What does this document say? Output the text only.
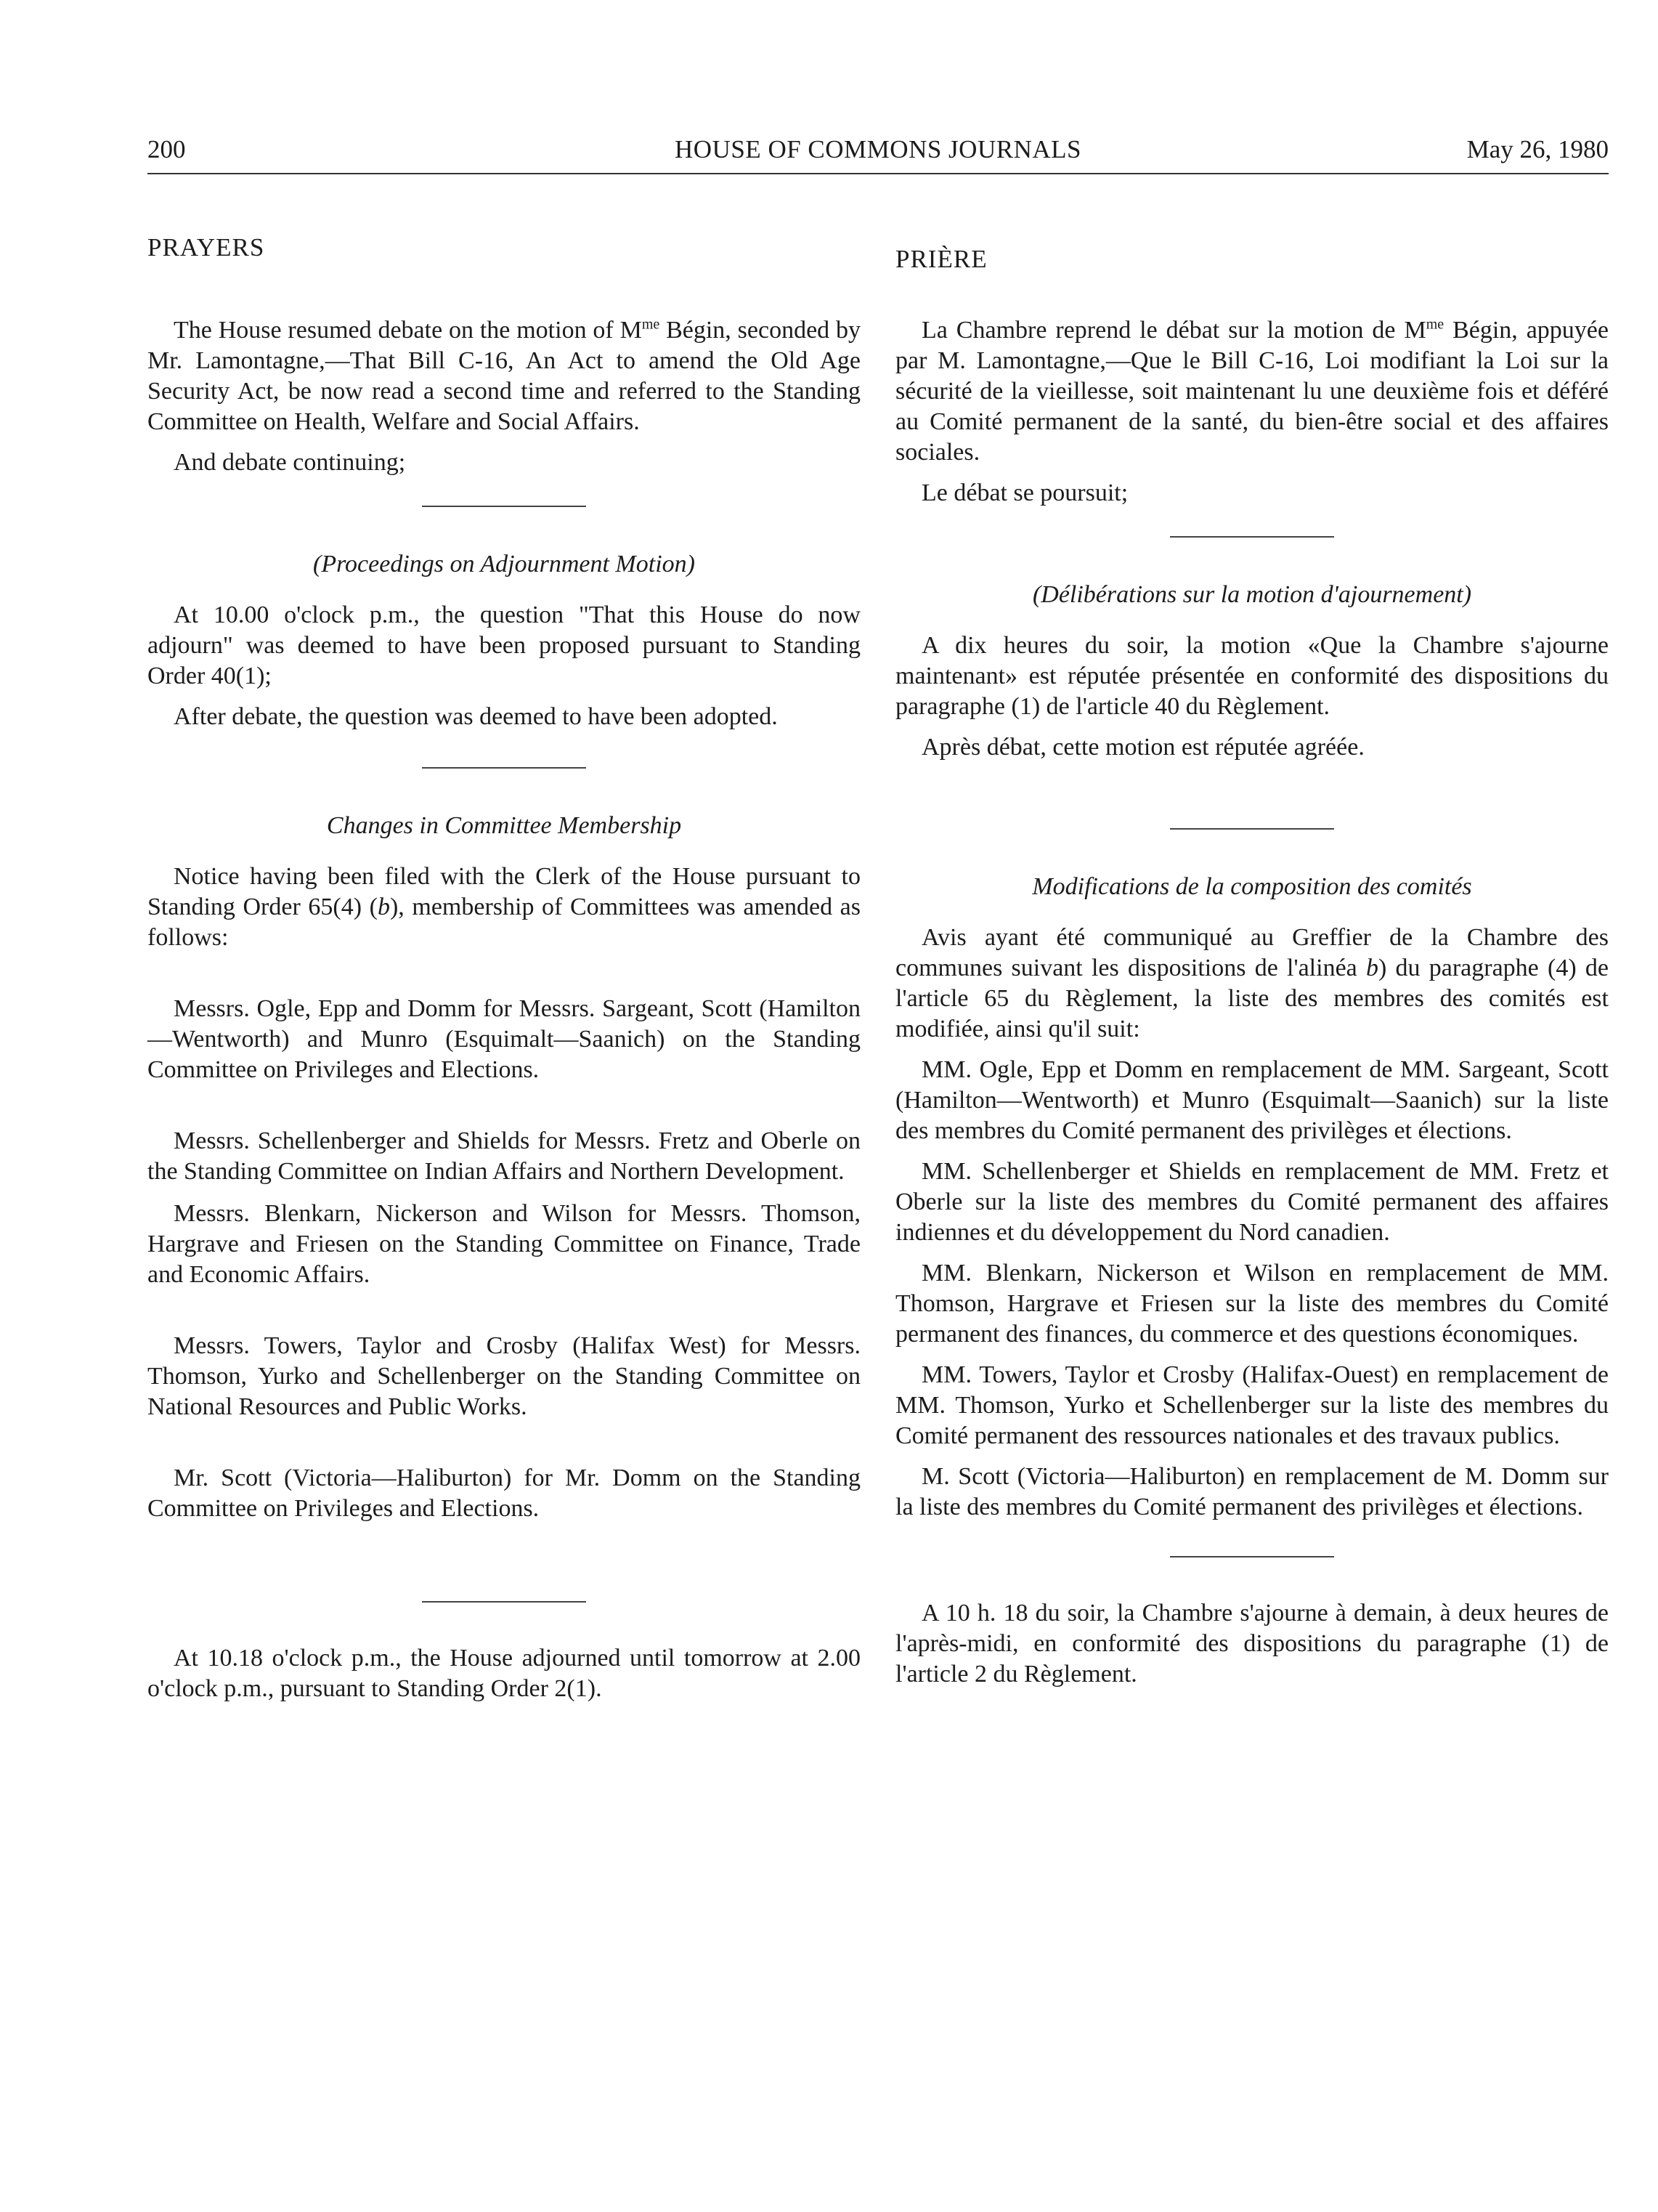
200	HOUSE OF COMMONS JOURNALS	May 26, 1980
PRAYERS

The House resumed debate on the motion of $M^{me}$ Bégin, seconded by Mr. Lamontagne,—That Bill C-16, An Act to amend the Old Age Security Act, be now read a second time and referred to the Standing Committee on Health, Welfare and Social Affairs.

And debate continuing;

(Proceedings on Adjournment Motion)

At 10.00 o'clock p.m., the question "That this House do now adjourn" was deemed to have been proposed pursuant to Standing Order 40(1);

After debate, the question was deemed to have been adopted.

Changes in Committee Membership

Notice having been filed with the Clerk of the House pursuant to Standing Order 65(4) (b), membership of Committees was amended as follows:

Messrs. Ogle, Epp and Domm for Messrs. Sargeant, Scott (Hamilton—Wentworth) and Munro (Esquimalt—Saanich) on the Standing Committee on Privileges and Elections.

Messrs. Schellenberger and Shields for Messrs. Fretz and Oberle on the Standing Committee on Indian Affairs and Northern Development.

Messrs. Blenkarn, Nickerson and Wilson for Messrs. Thomson, Hargrave and Friesen on the Standing Committee on Finance, Trade and Economic Affairs.

Messrs. Towers, Taylor and Crosby (Halifax West) for Messrs. Thomson, Yurko and Schellenberger on the Standing Committee on National Resources and Public Works.

Mr. Scott (Victoria—Haliburton) for Mr. Domm on the Standing Committee on Privileges and Elections.

At 10.18 o'clock p.m., the House adjourned until tomorrow at 2.00 o'clock p.m., pursuant to Standing Order 2(1).

PRIÈRE

La Chambre reprend le débat sur la motion de $M^{me}$ Bégin, appuyée par M. Lamontagne,—Que le Bill C-16, Loi modifiant la Loi sur la sécurité de la vieillesse, soit maintenant lu une deuxième fois et déféré au Comité permanent de la santé, du bien-être social et des affaires sociales.

Le débat se poursuit;

(Délibérations sur la motion d'ajournement)

A dix heures du soir, la motion «Que la Chambre s'ajourne maintenant» est réputée présentée en conformité des dispositions du paragraphe (1) de l'article 40 du Règlement.

Après débat, cette motion est réputée agréée.

Modifications de la composition des comités

Avis ayant été communiqué au Greffier de la Chambre des communes suivant les dispositions de l'alinéa b) du paragraphe (4) de l'article 65 du Règlement, la liste des membres des comités est modifiée, ainsi qu'il suit:

MM. Ogle, Epp et Domm en remplacement de MM. Sargeant, Scott (Hamilton—Wentworth) et Munro (Esquimalt—Saanich) sur la liste des membres du Comité permanent des privilèges et élections.

MM. Schellenberger et Shields en remplacement de MM. Fretz et Oberle sur la liste des membres du Comité permanent des affaires indiennes et du développement du Nord canadien.

MM. Blenkarn, Nickerson et Wilson en remplacement de MM. Thomson, Hargrave et Friesen sur la liste des membres du Comité permanent des finances, du commerce et des questions économiques.

MM. Towers, Taylor et Crosby (Halifax-Ouest) en remplacement de MM. Thomson, Yurko et Schellenberger sur la liste des membres du Comité permanent des ressources nationales et des travaux publics.

M. Scott (Victoria—Haliburton) en remplacement de M. Domm sur la liste des membres du Comité permanent des privilèges et élections.

A 10 h. 18 du soir, la Chambre s'ajourne à demain, à deux heures de l'après-midi, en conformité des dispositions du paragraphe (1) de l'article 2 du Règlement.
